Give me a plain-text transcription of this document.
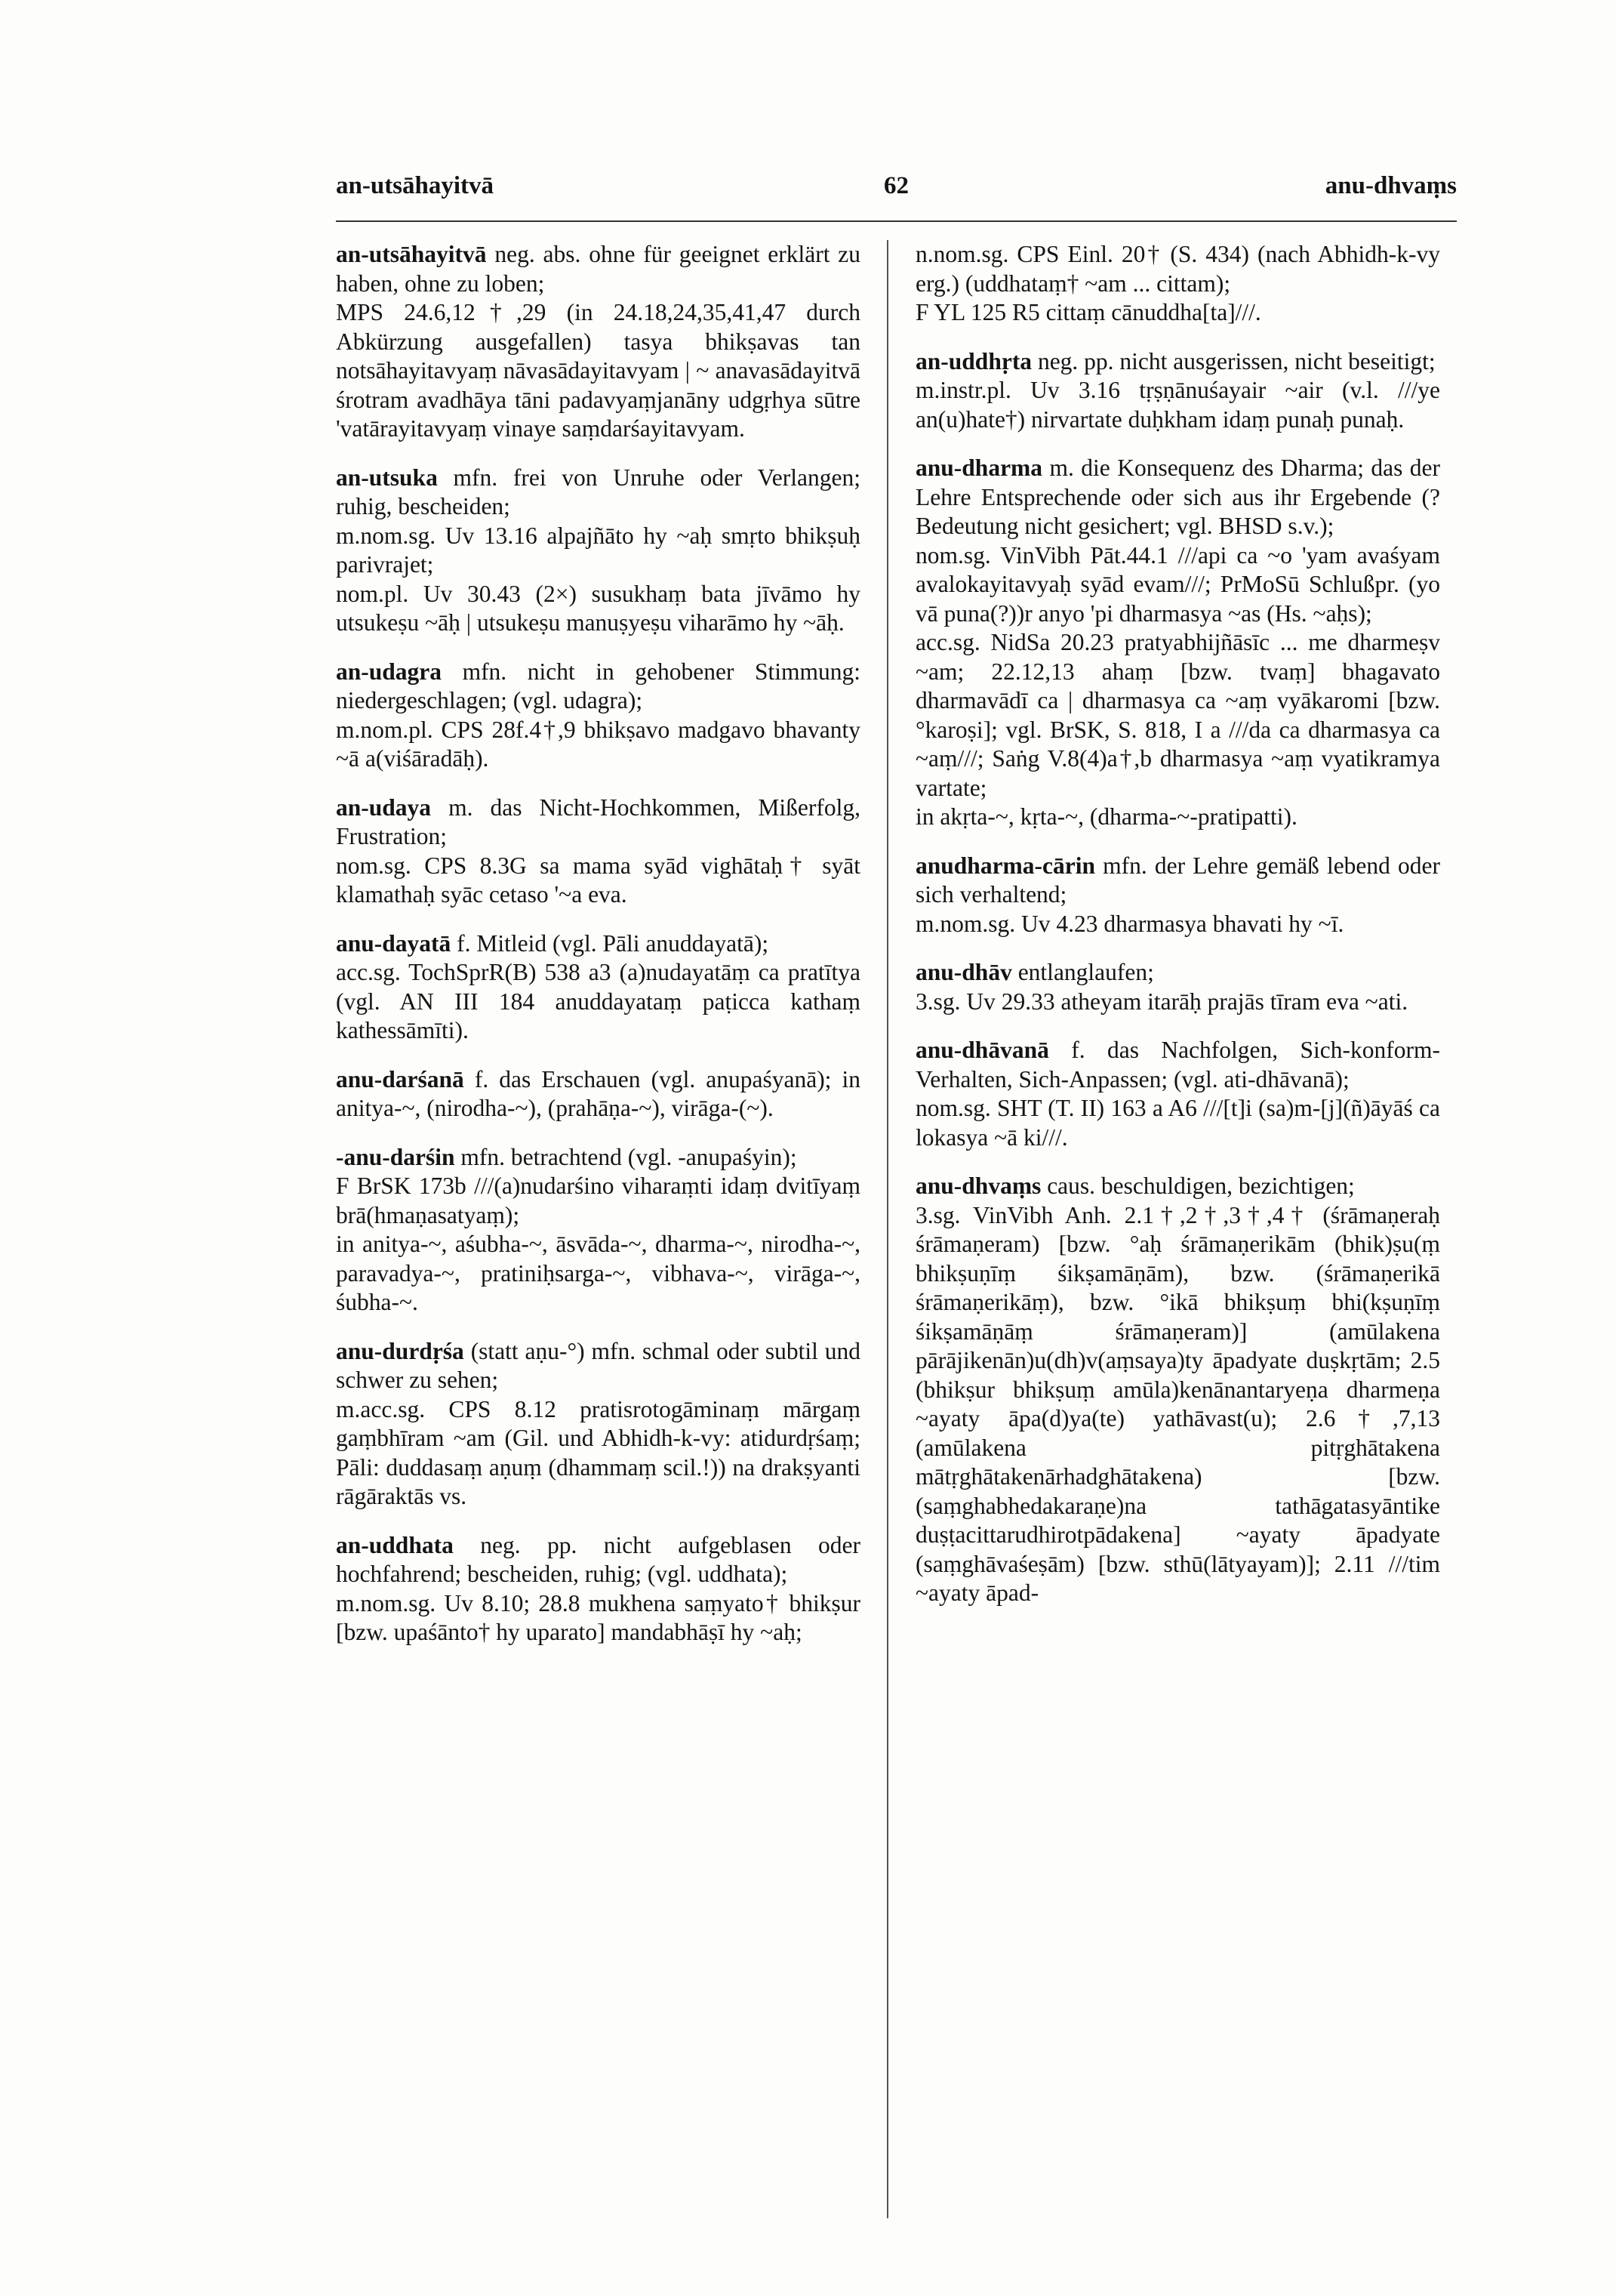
an-utsāhayitvā	62	anu-dhvaṃs

an-utsāhayitvā neg. abs. ohne für geeignet erklärt zu haben, ohne zu loben;

MPS 24.6,12†,29 (in 24.18,24,35,41,47 durch Abkürzung ausgefallen) tasya bhikṣavas tan notsāhayitavyaṃ nāvasādayitavyam | ~ anavasādayitvā śrotram avadhāya tāni padavyaṃjanāny udgṛhya sūtre 'vatārayitavyaṃ vinaye saṃdarśayitavyam.

an-utsuka mfn. frei von Unruhe oder Verlangen; ruhig, bescheiden;

m.nom.sg. Uv 13.16 alpajñāto hy ~aḥ smṛto bhikṣuḥ parivrajet;

nom.pl. Uv 30.43 (2×) susukhaṃ bata jīvāmo hy utsukeṣu ~āḥ | utsukeṣu manuṣyeṣu viharāmo hy ~āḥ.

an-udagra mfn. nicht in gehobener Stimmung: niedergeschlagen; (vgl. udagra);

m.nom.pl. CPS 28f.4†,9 bhikṣavo madgavo bhavanty ~ā a(viśāradāḥ).

an-udaya m. das Nicht-Hochkommen, Mißerfolg, Frustration;

nom.sg. CPS 8.3G sa mama syād vighātaḥ† syāt klamathaḥ syāc cetaso '~a eva.

anu-dayatā f. Mitleid (vgl. Pāli anuddayatā);

acc.sg. TochSprR(B) 538 a3 (a)nudayatāṃ ca pratītya (vgl. AN III 184 anuddayataṃ paṭicca kathaṃ kathessāmīti).

anu-darśanā f. das Erschauen (vgl. anupaśyanā); in anitya-~, (nirodha-~), (prahāṇa-~), virāga-(~).

-anu-darśin mfn. betrachtend (vgl. -anupaśyin);

F BrSK 173b ///(a)nudarśino viharaṃti idaṃ dvitīyaṃ brā(hmaṇasatyaṃ);

in anitya-~, aśubha-~, āsvāda-~, dharma-~, nirodha-~, paravadya-~, pratiniḥsarga-~, vibhava-~, virāga-~, śubha-~.

anu-durdṛśa (statt aṇu-°) mfn. schmal oder subtil und schwer zu sehen;

m.acc.sg. CPS 8.12 pratisrotogāminaṃ mārgaṃ gaṃbhīram ~am (Gil. und Abhidh-k-vy: atidurdṛśaṃ; Pāli: duddasaṃ aṇuṃ (dhammaṃ scil.!)) na drakṣyanti rāgāraktās vs.

an-uddhata neg. pp. nicht aufgeblasen oder hochfahrend; bescheiden, ruhig; (vgl. uddhata);

m.nom.sg. Uv 8.10; 28.8 mukhena saṃyato† bhikṣur [bzw. upaśānto† hy uparato] mandabhāṣī hy ~aḥ;

n.nom.sg. CPS Einl. 20† (S. 434) (nach Abhidh-k-vy erg.) (uddhataṃ† ~am ... cittam);

F YL 125 R5 cittaṃ cānuddha[ta]///.

an-uddhṛta neg. pp. nicht ausgerissen, nicht beseitigt;

m.instr.pl. Uv 3.16 tṛṣṇānuśayair ~air (v.l. ///ye an(u)hate†) nirvartate duḥkham idaṃ punaḥ punaḥ.

anu-dharma m. die Konsequenz des Dharma; das der Lehre Entsprechende oder sich aus ihr Ergebende (? Bedeutung nicht gesichert; vgl. BHSD s.v.);

nom.sg. VinVibh Pāt.44.1 ///api ca ~o 'yam avaśyam avalokayitavyaḥ syād evam///; PrMoSū Schlußpr. (yo vā puna(?))r anyo 'pi dharmasya ~as (Hs. ~aḥs);

acc.sg. NidSa 20.23 pratyabhijñāsīc ... me dharmeṣv ~am; 22.12,13 ahaṃ [bzw. tvaṃ] bhagavato dharmavādī ca | dharmasya ca ~aṃ vyākaromi [bzw. °karoṣi]; vgl. BrSK, S. 818, I a ///da ca dharmasya ca ~aṃ///; Saṅg V.8(4)a†,b dharmasya ~aṃ vyatikramya vartate;

in akṛta-~, kṛta-~, (dharma-~-pratipatti).

anudharma-cārin mfn. der Lehre gemäß lebend oder sich verhaltend;

m.nom.sg. Uv 4.23 dharmasya bhavati hy ~ī.

anu-dhāv entlanglaufen;

3.sg. Uv 29.33 atheyam itarāḥ prajās tīram eva ~ati.

anu-dhāvanā f. das Nachfolgen, Sich-konform-Verhalten, Sich-Anpassen; (vgl. ati-dhāvanā);

nom.sg. SHT (T. II) 163 a A6 ///[t]i (sa)m-[j](ñ)āyāś ca lokasya ~ā ki///.

anu-dhvaṃs caus. beschuldigen, bezichtigen;

3.sg. VinVibh Anh. 2.1†,2†,3†,4† (śrāmaṇeraḥ śrāmaṇeram) [bzw. °aḥ śrāmaṇerikām (bhik)ṣu(ṃ bhikṣuṇīṃ śikṣamāṇām), bzw. (śrāmaṇerikā śrāmaṇerikāṃ), bzw. °ikā bhikṣuṃ bhi(kṣuṇīṃ śikṣamāṇāṃ śrāmaṇeram)] (amūlakena pārājikenān)u(dh)v(aṃsaya)ty āpadyate duṣkṛtām; 2.5 (bhikṣur bhikṣuṃ amūla)kenānantaryeṇa dharmeṇa ~ayaty āpa(d)ya(te) yathāvast(u); 2.6†,7,13 (amūlakena pitṛghātakena mātṛghātakenārhadghātakena) [bzw. (saṃghabhedakaraṇe)na tathāgatasyāntike duṣṭacittarudhirotpādakena] ~ayaty āpadyate (saṃghāvaśeṣām) [bzw. sthū(lātyayam)]; 2.11 ///tim ~ayaty āpad-
